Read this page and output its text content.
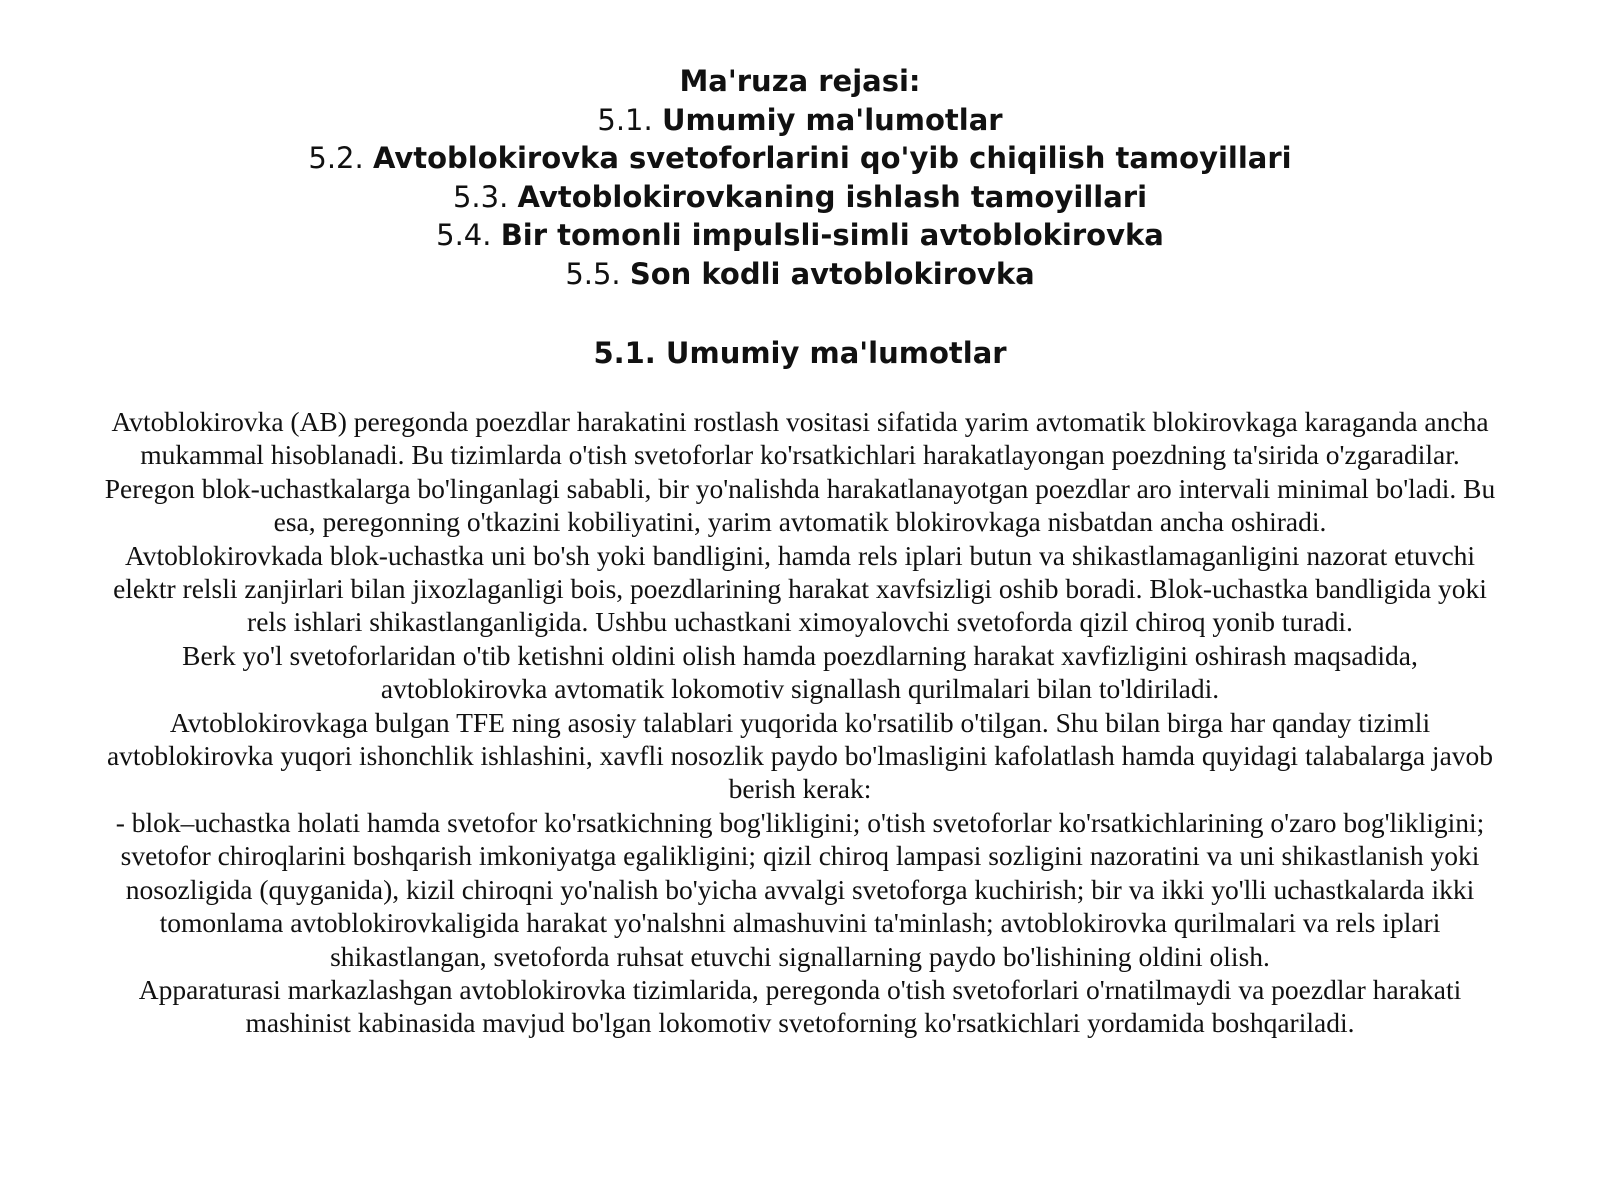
Ma'ruza rejasi:
5.1. Umumiy ma'lumotlar
5.2. Avtoblokirovka svetoforlarini qo'yib chiqilish tamoyillari
5.3. Avtoblokirovkaning ishlash tamoyillari
5.4. Bir tomonli impulsli-simli avtoblokirovka
5.5. Son kodli avtoblokirovka
5.1. Umumiy ma'lumotlar

Avtoblokirovka (AB) peregonda poezdlar harakatini rostlash vositasi sifatida yarim avtomatik blokirovkaga karaganda ancha mukammal hisoblanadi. Bu tizimlarda o'tish svetoforlar ko'rsatkichlari harakatlayongan poezdning ta'sirida o'zgaradilar. Peregon blok-uchastkalarga bo'linganlagi sababli, bir yo'nalishda harakatlanayotgan poezdlar aro intervali minimal bo'ladi. Bu esa, peregonning o'tkazini kobiliyatini, yarim avtomatik blokirovkaga nisbatdan ancha oshiradi.

Avtoblokirovkada blok-uchastka uni bo'sh yoki bandligini, hamda rels iplari butun va shikastlamaganligini nazorat etuvchi elektr relsli zanjirlari bilan jixozlaganligi bois, poezdlarining harakat xavfsizligi oshib boradi. Blok-uchastka bandligida yoki rels ishlari shikastlanganligida. Ushbu uchastkani ximoyalovchi svetoforda qizil chiroq yonib turadi.

Berk yo'l svetoforlaridan o'tib ketishni oldini olish hamda poezdlarning harakat xavfizligini oshirash maqsadida, avtoblokirovka avtomatik lokomotiv signallash qurilmalari bilan to'ldiriladi.

Avtoblokirovkaga bulgan TFE ning asosiy talablari yuqorida ko'rsatilib o'tilgan. Shu bilan birga har qanday tizimli avtoblokirovka yuqori ishonchlik ishlashini, xavfli nosozlik paydo bo'lmasligini kafolatlash hamda quyidagi talabalarga javob berish kerak:

- blok–uchastka holati hamda svetofor ko'rsatkichning bog'likligini; o'tish svetoforlar ko'rsatkichlarining o'zaro bog'likligini; svetofor chiroqlarini boshqarish imkoniyatga egalikligini; qizil chiroq lampasi sozligini nazoratini va uni shikastlanish yoki nosozligida (quyganida), kizil chiroqni yo'nalish bo'yicha avvalgi svetoforga kuchirish; bir va ikki yo'lli uchastkalarda ikki tomonlama avtoblokirovkaligida harakat yo'nalshni almashuvini ta'minlash; avtoblokirovka qurilmalari va rels iplari shikastlangan, svetoforda ruhsat etuvchi signallarning paydo bo'lishining oldini olish.

Apparaturasi markazlashgan avtoblokirovka tizimlarida, peregonda o'tish svetoforlari o'rnatilmaydi va poezdlar harakati mashinist kabinasida mavjud bo'lgan lokomotiv svetoforning ko'rsatkichlari yordamida boshqariladi.
